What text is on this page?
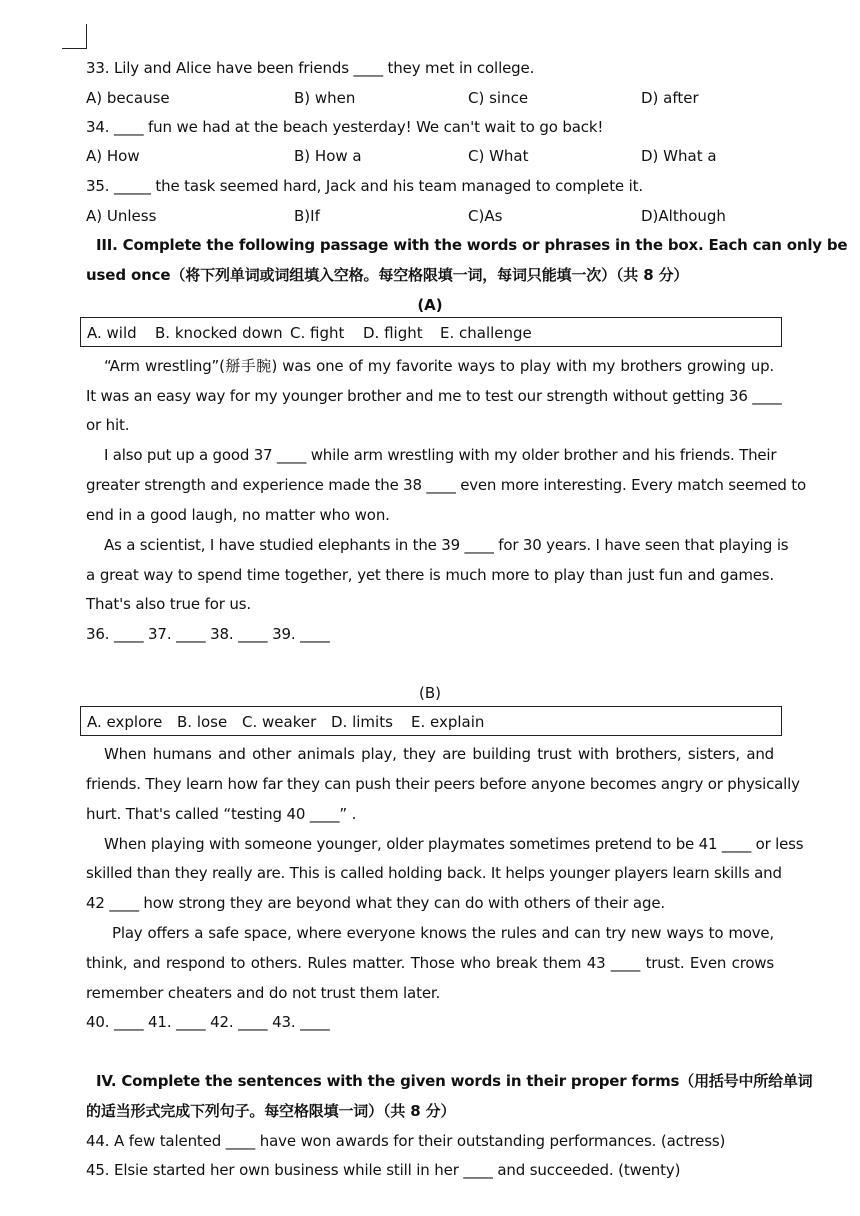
33. Lily and Alice have been friends ____ they met in college.
A) because	B) when	C) since	D) after
34. ____ fun we had at the beach yesterday! We can't wait to go back!
A) How	B) How a	C) What	D) What a
35. _____ the task seemed hard, Jack and his team managed to complete it.
A) Unless	B)If	C)As	D)Although
III. Complete the following passage with the words or phrases in the box. Each can only be
used once（将下列单词或词组填入空格。每空格限填一词，每词只能填一次）（共 8 分）
(A)
A. wild B. knocked down C. fight D. flight E. challenge
“Arm wrestling”(掰手腕) was one of my favorite ways to play with my brothers growing up.
It was an easy way for my younger brother and me to test our strength without getting 36 ____
or hit.
I also put up a good 37 ____ while arm wrestling with my older brother and his friends. Their
greater strength and experience made the 38 ____ even more interesting. Every match seemed to
end in a good laugh, no matter who won.
As a scientist, I have studied elephants in the 39 ____ for 30 years. I have seen that playing is
a great way to spend time together, yet there is much more to play than just fun and games.
That's also true for us.
36. ____ 37. ____ 38. ____ 39. ____
(B)
A. explore B. lose C. weaker D. limits E. explain
When humans and other animals play, they are building trust with brothers, sisters, and
friends. They learn how far they can push their peers before anyone becomes angry or physically
hurt. That's called “testing 40 ____” .
When playing with someone younger, older playmates sometimes pretend to be 41 ____ or less
skilled than they really are. This is called holding back. It helps younger players learn skills and
42 ____ how strong they are beyond what they can do with others of their age.
Play offers a safe space, where everyone knows the rules and can try new ways to move,
think, and respond to others. Rules matter. Those who break them 43 ____ trust. Even crows
remember cheaters and do not trust them later.
40. ____ 41. ____ 42. ____ 43. ____
IV. Complete the sentences with the given words in their proper forms（用括号中所给单词
的适当形式完成下列句子。每空格限填一词）（共 8 分）
44. A few talented ____ have won awards for their outstanding performances. (actress)
45. Elsie started her own business while still in her ____ and succeeded. (twenty)
